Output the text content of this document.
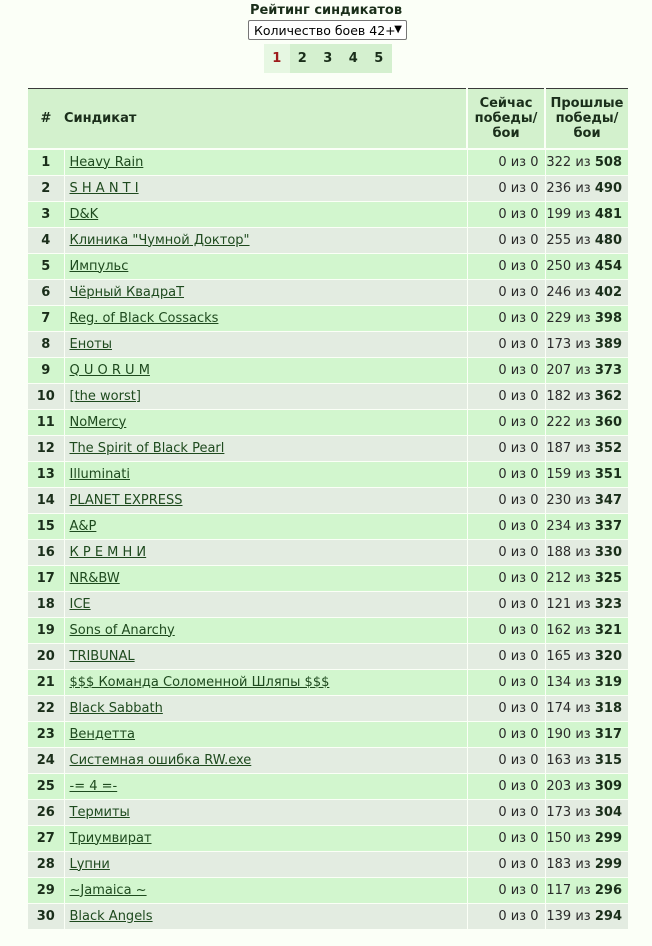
Рейтинг синдикатов
Количество боев 42+
▼
1	2	3	4	5
#	Синдикат	Сейчас
победы/
бои	Прошлые
победы/
бои
1	Heavy Rain	0 из 0	322 из 508
2	S H A N T I	0 из 0	236 из 490
3	D&K	0 из 0	199 из 481
4	Клиника "Чумной Доктор"	0 из 0	255 из 480
5	Импульс	0 из 0	250 из 454
6	Чёрный КвадраТ	0 из 0	246 из 402
7	Reg. of Black Cossacks	0 из 0	229 из 398
8	Еноты	0 из 0	173 из 389
9	Q U O R U M	0 из 0	207 из 373
10	[the worst]	0 из 0	182 из 362
11	NoMercy	0 из 0	222 из 360
12	The Spirit of Black Pearl	0 из 0	187 из 352
13	Illuminati	0 из 0	159 из 351
14	PLANET EXPRESS	0 из 0	230 из 347
15	A&P	0 из 0	234 из 337
16	К Р Е М Н И	0 из 0	188 из 330
17	NR&BW	0 из 0	212 из 325
18	ICE	0 из 0	121 из 323
19	Sons of Anarchy	0 из 0	162 из 321
20	TRIBUNAL	0 из 0	165 из 320
21	$$$ Команда Соломенной Шляпы $$$	0 из 0	134 из 319
22	Black Sabbath	0 из 0	174 из 318
23	Вендетта	0 из 0	190 из 317
24	Системная ошибка RW.exe	0 из 0	163 из 315
25	-= 4 =-	0 из 0	203 из 309
26	Термиты	0 из 0	173 из 304
27	Триумвират	0 из 0	150 из 299
28	Lупни	0 из 0	183 из 299
29	~Jamaica ~	0 из 0	117 из 296
30	Black Angels	0 из 0	139 из 294
